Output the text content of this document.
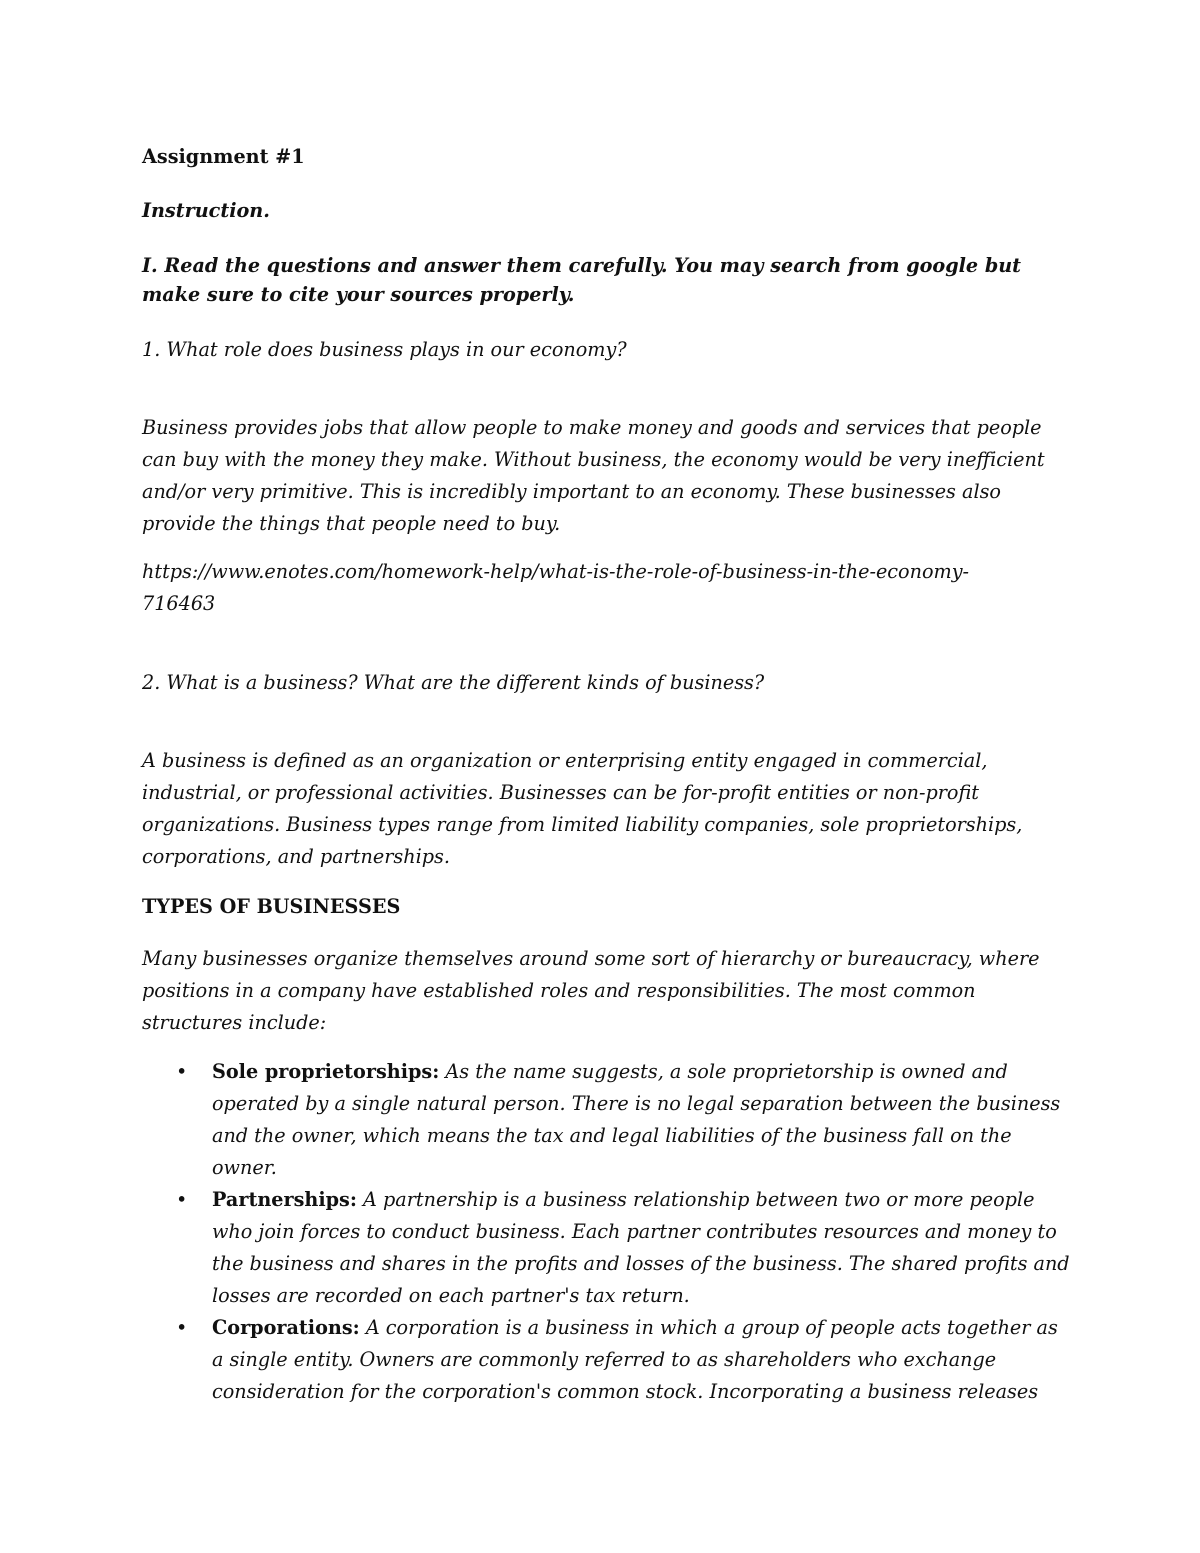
Assignment #1

Instruction.

I. Read the questions and answer them carefully. You may search from google but
make sure to cite your sources properly.

1. What role does business plays in our economy?

Business provides jobs that allow people to make money and goods and services that people
can buy with the money they make. Without business, the economy would be very inefficient
and/or very primitive. This is incredibly important to an economy. These businesses also
provide the things that people need to buy.

https://www.enotes.com/homework-help/what-is-the-role-of-business-in-the-economy-
716463

2. What is a business? What are the different kinds of business?

A business is defined as an organization or enterprising entity engaged in commercial,
industrial, or professional activities. Businesses can be for-profit entities or non-profit
organizations. Business types range from limited liability companies, sole proprietorships,
corporations, and partnerships.

TYPES OF BUSINESSES

Many businesses organize themselves around some sort of hierarchy or bureaucracy, where
positions in a company have established roles and responsibilities. The most common
structures include:

• Sole proprietorships: As the name suggests, a sole proprietorship is owned and
operated by a single natural person. There is no legal separation between the business
and the owner, which means the tax and legal liabilities of the business fall on the
owner.
• Partnerships: A partnership is a business relationship between two or more people
who join forces to conduct business. Each partner contributes resources and money to
the business and shares in the profits and losses of the business. The shared profits and
losses are recorded on each partner's tax return.
• Corporations: A corporation is a business in which a group of people acts together as
a single entity. Owners are commonly referred to as shareholders who exchange
consideration for the corporation's common stock. Incorporating a business releases
